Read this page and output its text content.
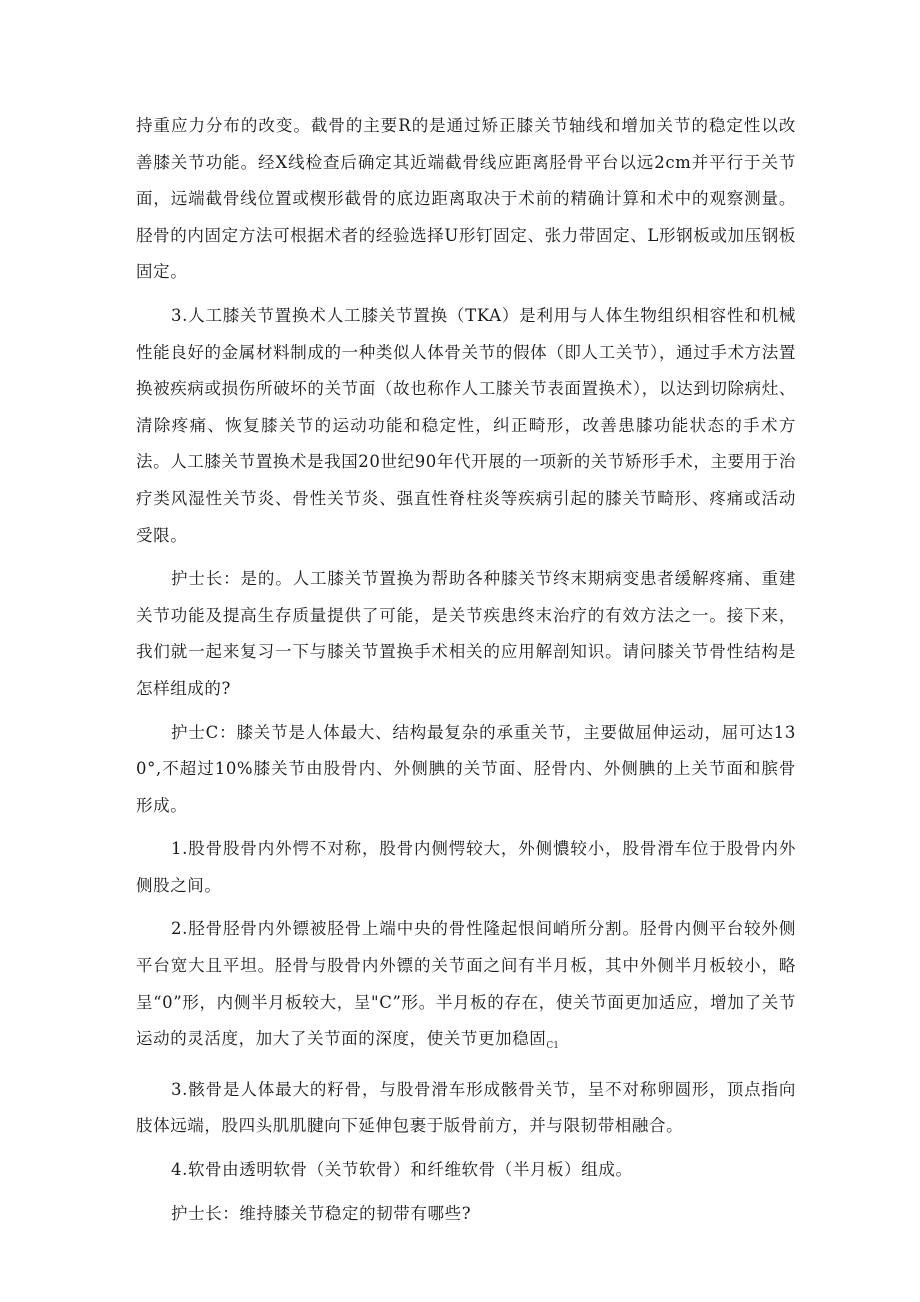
持重应力分布的改变。截骨的主要R的是通过矫正膝关节轴线和增加关节的稳定性以改善膝关节功能。经X线检查后确定其近端截骨线应距离胫骨平台以远2cm并平行于关节面，远端截骨线位置或楔形截骨的底边距离取决于术前的精确计算和术中的观察测量。胫骨的内固定方法可根据术者的经验选择U形钉固定、张力带固定、L形钢板或加压钢板固定。

3.人工膝关节置换术人工膝关节置换（TKA）是利用与人体生物组织相容性和机械性能良好的金属材料制成的一种类似人体骨关节的假体（即人工关节），通过手术方法置换被疾病或损伤所破坏的关节面（故也称作人工膝关节表面置换术），以达到切除病灶、清除疼痛、恢复膝关节的运动功能和稳定性，纠正畸形，改善患膝功能状态的手术方法。人工膝关节置换术是我国20世纪90年代开展的一项新的关节矫形手术，主要用于治疗类风湿性关节炎、骨性关节炎、强直性脊柱炎等疾病引起的膝关节畸形、疼痛或活动受限。

护士长：是的。人工膝关节置换为帮助各种膝关节终末期病变患者缓解疼痛、重建关节功能及提高生存质量提供了可能，是关节疾患终末治疗的有效方法之一。接下来，我们就一起来复习一下与膝关节置换手术相关的应用解剖知识。请问膝关节骨性结构是怎样组成的?

护士C：膝关节是人体最大、结构最复杂的承重关节，主要做屈伸运动，屈可达130°,不超过10%膝关节由股骨内、外侧腆的关节面、胫骨内、外侧腆的上关节面和膑骨形成。

1.股骨股骨内外愕不对称，股骨内侧愕较大，外侧憹较小，股骨滑车位于股骨内外侧股之间。

2.胫骨胫骨内外镖被胫骨上端中央的骨性隆起恨间峭所分割。胫骨内侧平台较外侧平台宽大且平坦。胫骨与股骨内外镖的关节面之间有半月板，其中外侧半月板较小，略呈“0”形，内侧半月板较大，呈"C”形。半月板的存在，使关节面更加适应，增加了关节运动的灵活度，加大了关节面的深度，使关节更加稳固$_{C1}$

3.骸骨是人体最大的籽骨，与股骨滑车形成骸骨关节，呈不对称卵圆形，顶点指向肢体远端，股四头肌肌腱向下延伸包裹于版骨前方，并与限韧带相融合。

4.软骨由透明软骨（关节软骨）和纤维软骨（半月板）组成。

护士长：维持膝关节稳定的韧带有哪些?
